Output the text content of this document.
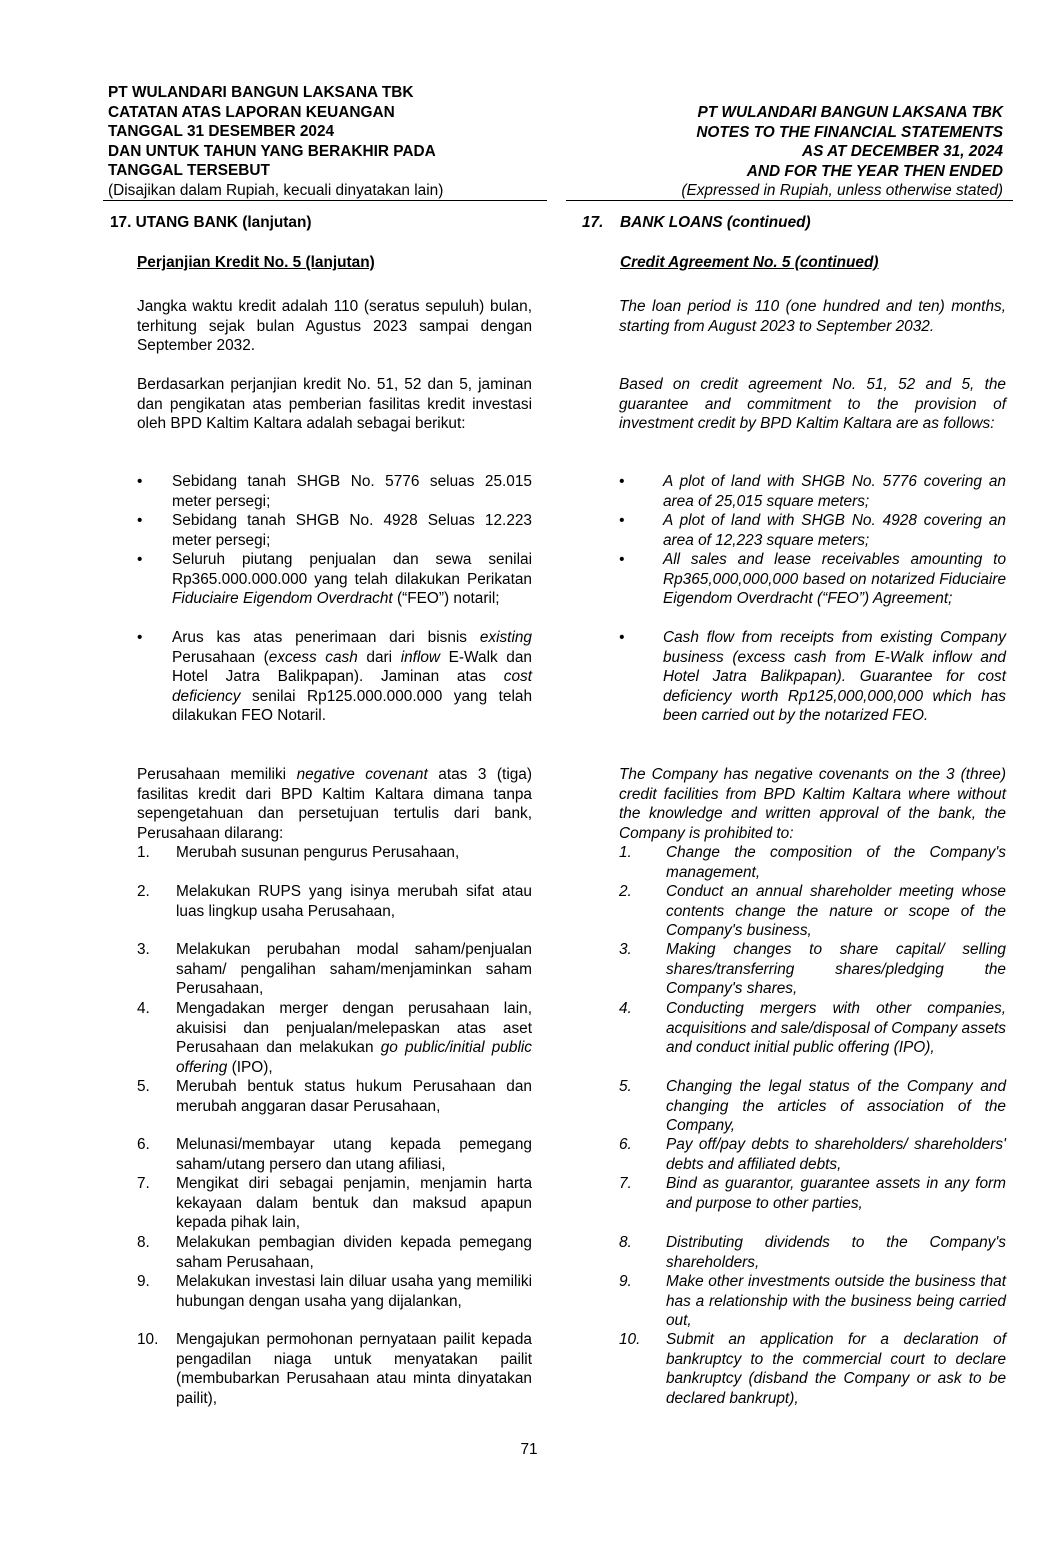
PT WULANDARI BANGUN LAKSANA TBK
CATATAN ATAS LAPORAN KEUANGAN
TANGGAL 31 DESEMBER 2024
DAN UNTUK TAHUN YANG BERAKHIR PADA
TANGGAL TERSEBUT
(Disajikan dalam Rupiah, kecuali dinyatakan lain)
PT WULANDARI BANGUN LAKSANA TBK
NOTES TO THE FINANCIAL STATEMENTS
AS AT DECEMBER 31, 2024
AND FOR THE YEAR THEN ENDED
(Expressed in Rupiah, unless otherwise stated)
17. UTANG BANK (lanjutan)	17. BANK LOANS (continued)
Perjanjian Kredit No. 5 (lanjutan)	Credit Agreement No. 5 (continued)

Jangka waktu kredit adalah 110 (seratus sepuluh) bulan, terhitung sejak bulan Agustus 2023 sampai dengan September 2032.

Berdasarkan perjanjian kredit No. 51, 52 dan 5, jaminan dan pengikatan atas pemberian fasilitas kredit investasi oleh BPD Kaltim Kaltara adalah sebagai berikut:

• Sebidang tanah SHGB No. 5776 seluas 25.015 meter persegi;
• Sebidang tanah SHGB No. 4928 Seluas 12.223 meter persegi;
• Seluruh piutang penjualan dan sewa senilai Rp365.000.000.000 yang telah dilakukan Perikatan Fiduciaire Eigendom Overdracht (“FEO”) notaril;
• Arus kas atas penerimaan dari bisnis existing Perusahaan (excess cash dari inflow E-Walk dan Hotel Jatra Balikpapan). Jaminan atas cost deficiency senilai Rp125.000.000.000 yang telah dilakukan FEO Notaril.

Perusahaan memiliki negative covenant atas 3 (tiga) fasilitas kredit dari BPD Kaltim Kaltara dimana tanpa sepengetahuan dan persetujuan tertulis dari bank, Perusahaan dilarang:

1. Merubah susunan pengurus Perusahaan,
2. Melakukan RUPS yang isinya merubah sifat atau luas lingkup usaha Perusahaan,
3. Melakukan perubahan modal saham/penjualan saham/ pengalihan saham/menjaminkan saham Perusahaan,
4. Mengadakan merger dengan perusahaan lain, akuisisi dan penjualan/melepaskan atas aset Perusahaan dan melakukan go public/initial public offering (IPO),
5. Merubah bentuk status hukum Perusahaan dan merubah anggaran dasar Perusahaan,
6. Melunasi/membayar utang kepada pemegang saham/utang persero dan utang afiliasi,
7. Mengikat diri sebagai penjamin, menjamin harta kekayaan dalam bentuk dan maksud apapun kepada pihak lain,
8. Melakukan pembagian dividen kepada pemegang saham Perusahaan,
9. Melakukan investasi lain diluar usaha yang memiliki hubungan dengan usaha yang dijalankan,
10. Mengajukan permohonan pernyataan pailit kepada pengadilan niaga untuk menyatakan pailit (membubarkan Perusahaan atau minta dinyatakan pailit),

The loan period is 110 (one hundred and ten) months, starting from August 2023 to September 2032.

Based on credit agreement No. 51, 52 and 5, the guarantee and commitment to the provision of investment credit by BPD Kaltim Kaltara are as follows:

•	A plot of land with SHGB No. 5776 covering an area of 25,015 square meters;
•	A plot of land with SHGB No. 4928 covering an area of 12,223 square meters;
•	All sales and lease receivables amounting to Rp365,000,000,000 based on notarized Fiduciaire Eigendom Overdracht (“FEO”) Agreement;
•	Cash flow from receipts from existing Company business (excess cash from E-Walk inflow and Hotel Jatra Balikpapan). Guarantee for cost deficiency worth Rp125,000,000,000 which has been carried out by the notarized FEO.

The Company has negative covenants on the 3 (three) credit facilities from BPD Kaltim Kaltara where without the knowledge and written approval of the bank, the Company is prohibited to:

1. Change the composition of the Company's management,
2. Conduct an annual shareholder meeting whose contents change the nature or scope of the Company's business,
3. Making changes to share capital/ selling shares/transferring shares/pledging the Company's shares,
4. Conducting mergers with other companies, acquisitions and sale/disposal of Company assets and conduct initial public offering (IPO),
5. Changing the legal status of the Company and changing the articles of association of the Company,
6. Pay off/pay debts to shareholders/ shareholders' debts and affiliated debts,
7. Bind as guarantor, guarantee assets in any form and purpose to other parties,
8. Distributing dividends to the Company's shareholders,
9. Make other investments outside the business that has a relationship with the business being carried out,
10. Submit an application for a declaration of bankruptcy to the commercial court to declare bankruptcy (disband the Company or ask to be declared bankrupt),
71
